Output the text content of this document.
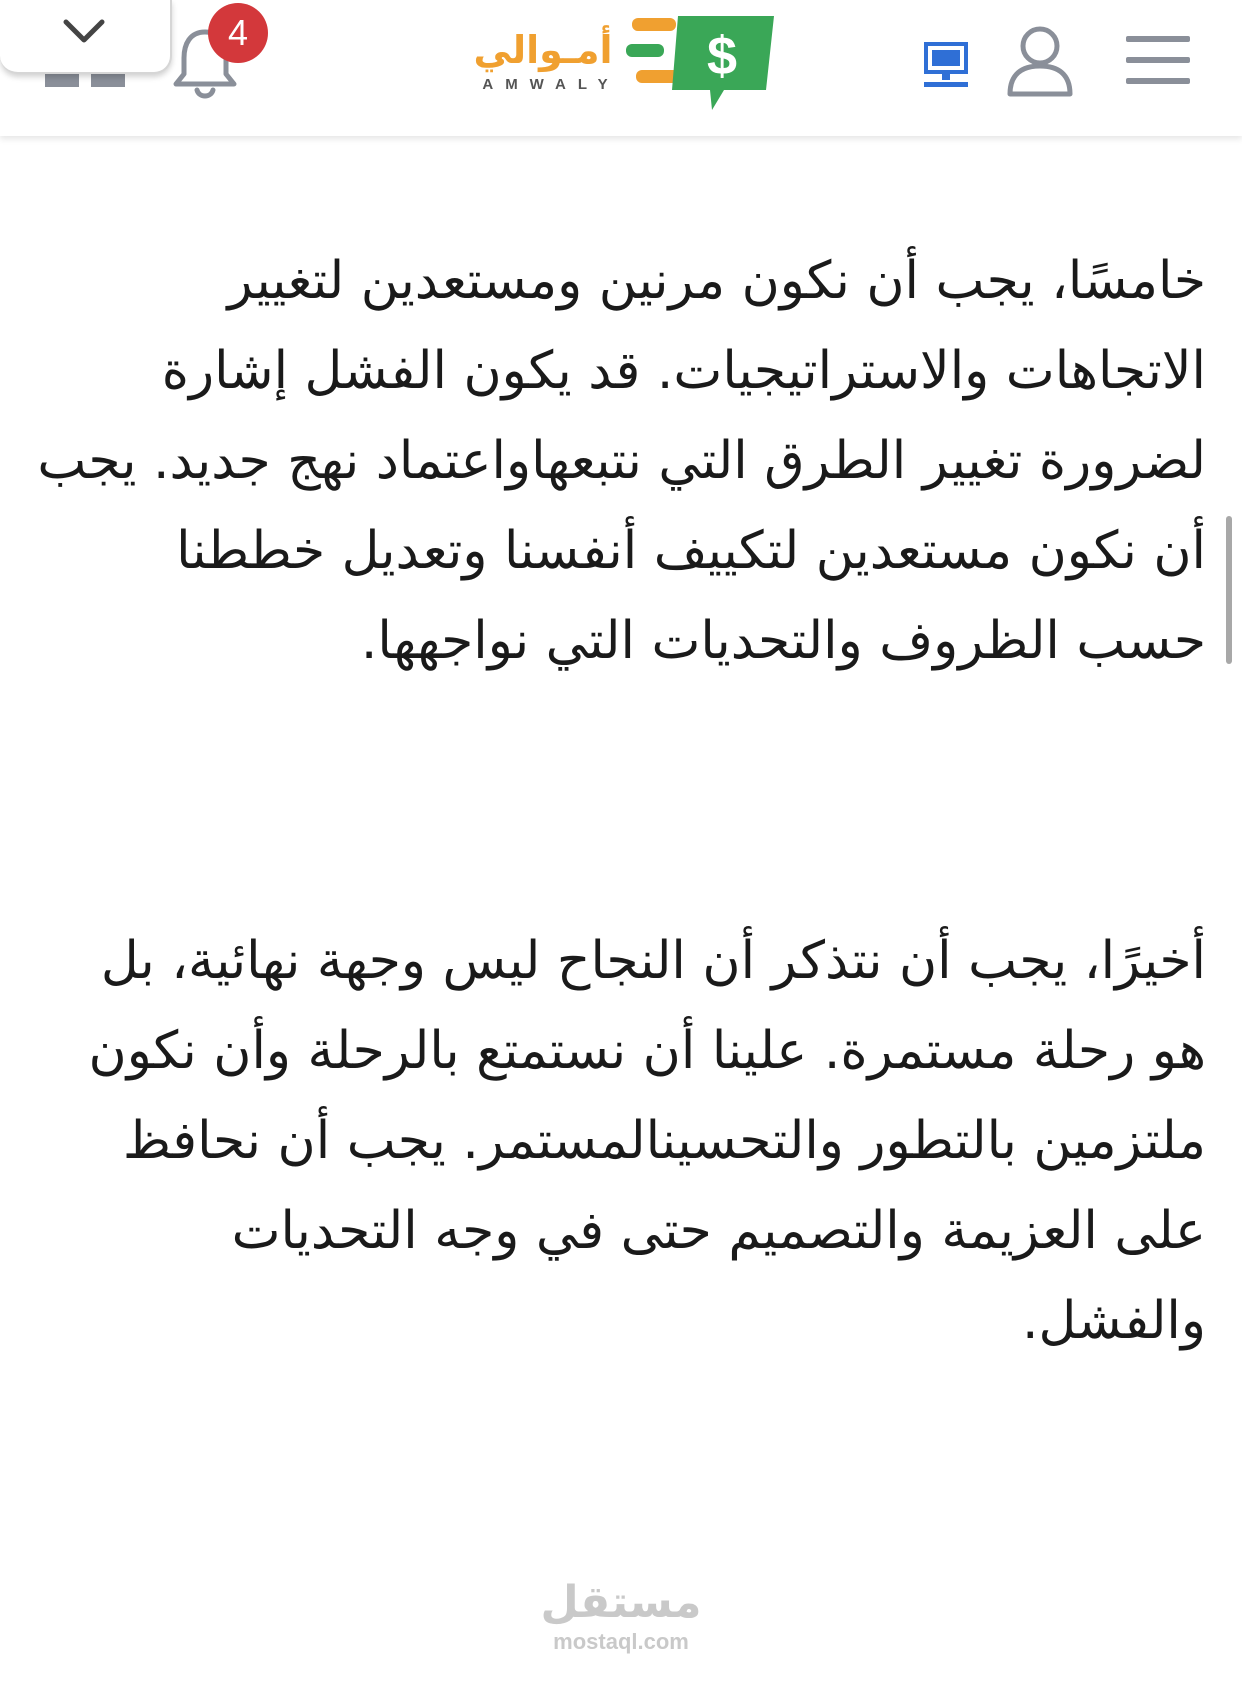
4	أمـوالي
AMWALY $

خامسًا، يجب أن نكون مرنين ومستعدين لتغيير الاتجاهات والاستراتيجيات. قد يكون الفشل إشارة لضرورة تغيير الطرق التي نتبعهاواعتماد نهج جديد. يجب أن نكون مستعدين لتكييف أنفسنا وتعديل خططنا حسب الظروف والتحديات التي نواجهها.

أخيرًا، يجب أن نتذكر أن النجاح ليس وجهة نهائية، بل هو رحلة مستمرة. علينا أن نستمتع بالرحلة وأن نكون ملتزمين بالتطور والتحسينالمستمر. يجب أن نحافظ على العزيمة والتصميم حتى في وجه التحديات والفشل.

مستقل
mostaql.com
